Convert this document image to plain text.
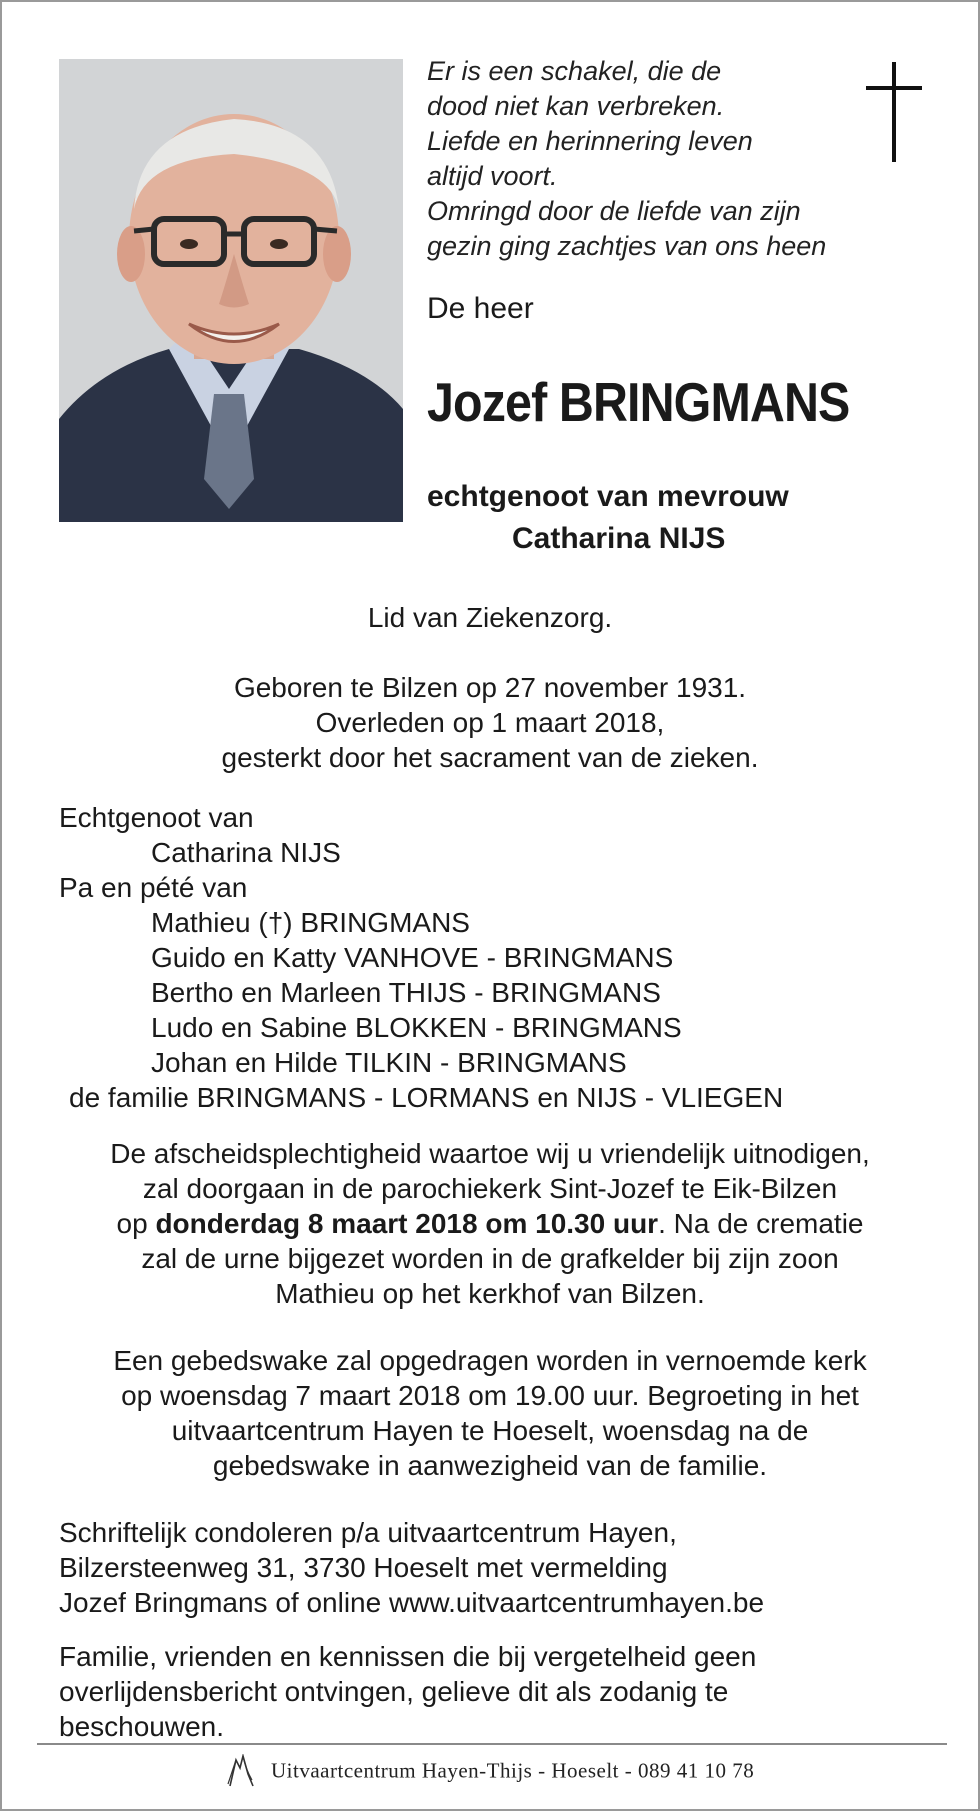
Er is een schakel, die de
dood niet kan verbreken.
Liefde en herinnering leven
altijd voort.
Omringd door de liefde van zijn
gezin ging zachtjes van ons heen
De heer
Jozef BRINGMANS
echtgenoot van mevrouw
Catharina NIJS
Lid van Ziekenzorg.
Geboren te Bilzen op 27 november 1931.
Overleden op 1 maart 2018,
gesterkt door het sacrament van de zieken.
Echtgenoot van
Catharina NIJS
Pa en pété van
Mathieu (†) BRINGMANS
Guido en Katty VANHOVE - BRINGMANS
Bertho en Marleen THIJS - BRINGMANS
Ludo en Sabine BLOKKEN - BRINGMANS
Johan en Hilde TILKIN - BRINGMANS
de familie BRINGMANS - LORMANS en NIJS - VLIEGEN
De afscheidsplechtigheid waartoe wij u vriendelijk uitnodigen,
zal doorgaan in de parochiekerk Sint-Jozef te Eik-Bilzen
op donderdag 8 maart 2018 om 10.30 uur. Na de crematie
zal de urne bijgezet worden in de grafkelder bij zijn zoon
Mathieu op het kerkhof van Bilzen.
Een gebedswake zal opgedragen worden in vernoemde kerk
op woensdag 7 maart 2018 om 19.00 uur. Begroeting in het
uitvaartcentrum Hayen te Hoeselt, woensdag na de
gebedswake in aanwezigheid van de familie.
Schriftelijk condoleren p/a uitvaartcentrum Hayen,
Bilzersteenweg 31, 3730 Hoeselt met vermelding
Jozef Bringmans of online www.uitvaartcentrumhayen.be
Familie, vrienden en kennissen die bij vergetelheid geen
overlijdensbericht ontvingen, gelieve dit als zodanig te
beschouwen.
Uitvaartcentrum Hayen-Thijs - Hoeselt - 089 41 10 78
